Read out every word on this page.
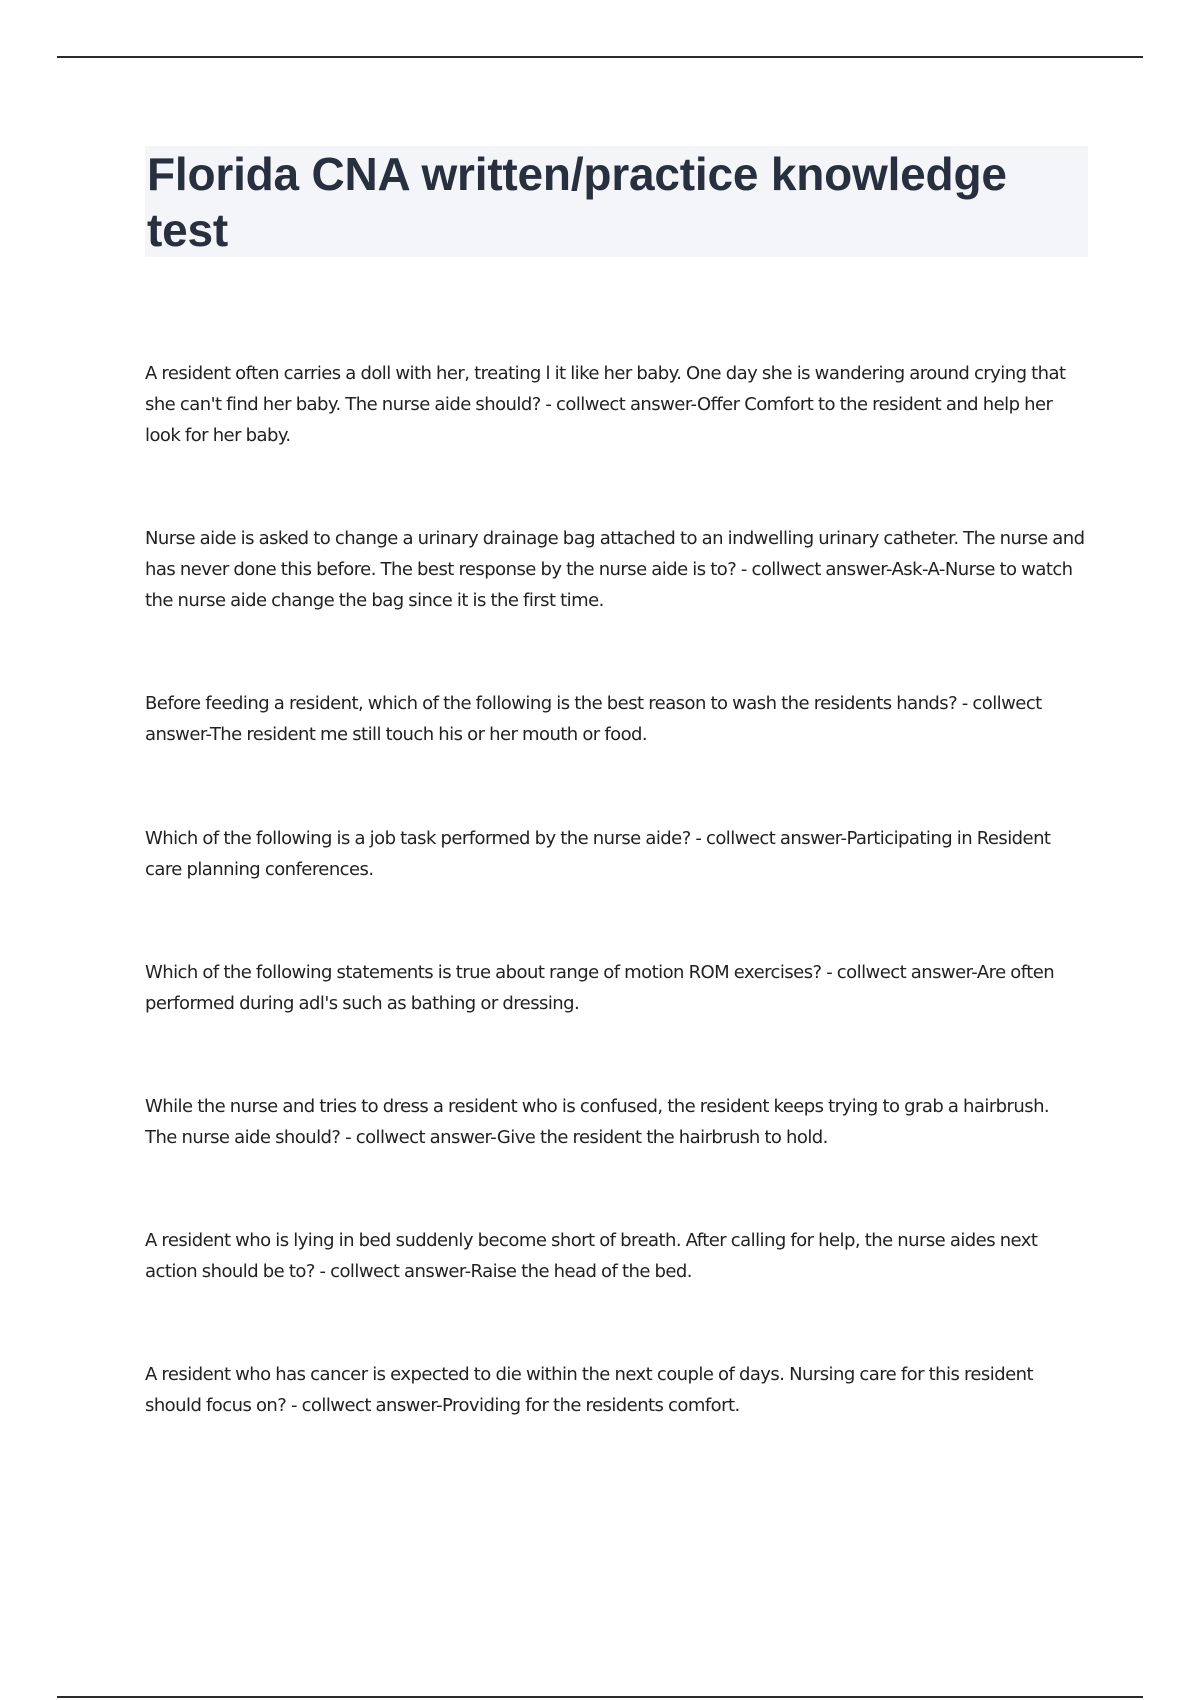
Florida CNA written/practice knowledge test

A resident often carries a doll with her, treating l it like her baby. One day she is wandering around crying that she can't find her baby. The nurse aide should? - collwect answer-Offer Comfort to the resident and help her look for her baby.

Nurse aide is asked to change a urinary drainage bag attached to an indwelling urinary catheter. The nurse and has never done this before. The best response by the nurse aide is to? - collwect answer-Ask-A-Nurse to watch the nurse aide change the bag since it is the first time.

Before feeding a resident, which of the following is the best reason to wash the residents hands? - collwect answer-The resident me still touch his or her mouth or food.

Which of the following is a job task performed by the nurse aide? - collwect answer-Participating in Resident care planning conferences.

Which of the following statements is true about range of motion ROM exercises? - collwect answer-Are often performed during adl's such as bathing or dressing.

While the nurse and tries to dress a resident who is confused, the resident keeps trying to grab a hairbrush. The nurse aide should? - collwect answer-Give the resident the hairbrush to hold.

A resident who is lying in bed suddenly become short of breath. After calling for help, the nurse aides next action should be to? - collwect answer-Raise the head of the bed.

A resident who has cancer is expected to die within the next couple of days. Nursing care for this resident should focus on? - collwect answer-Providing for the residents comfort.
